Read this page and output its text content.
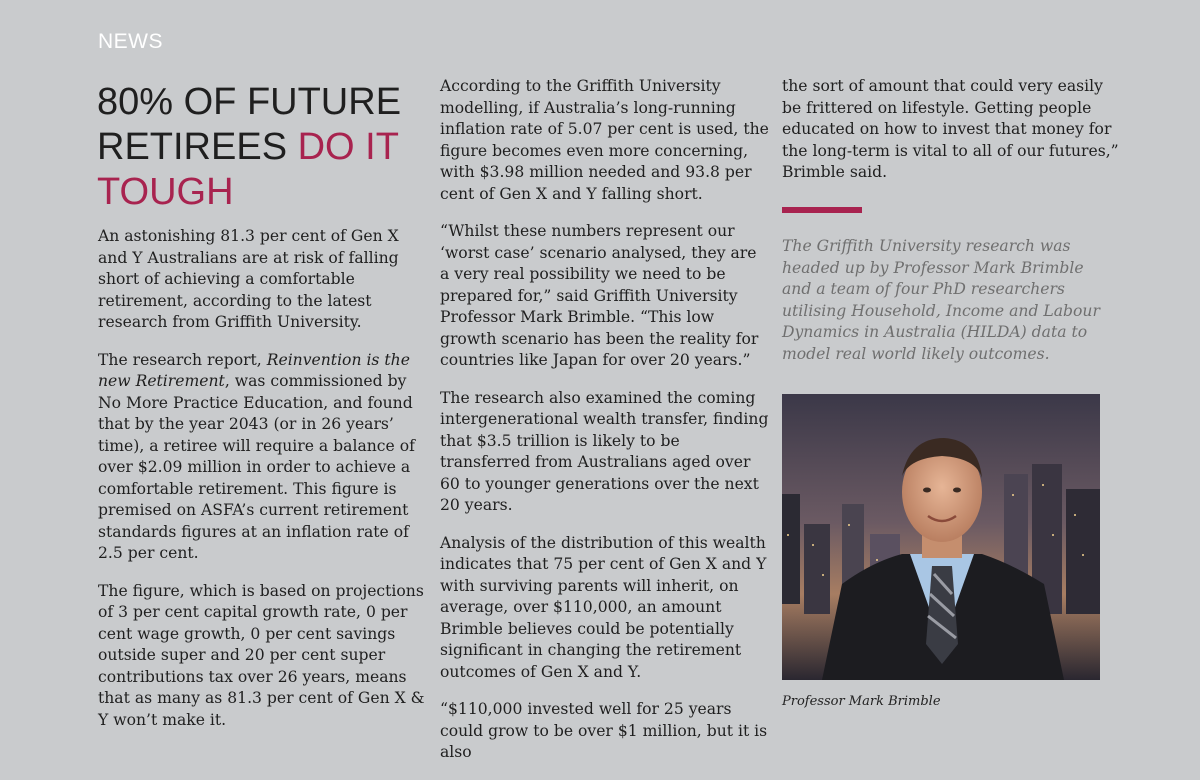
NEWS
80% OF FUTURE
RETIREES DO IT
TOUGH

An astonishing 81.3 per cent of Gen X and Y Australians are at risk of falling short of achieving a comfortable retirement, according to the latest research from Griffith University.

The research report, Reinvention is the new Retirement, was commissioned by No More Practice Education, and found that by the year 2043 (or in 26 years’ time), a retiree will require a balance of over $2.09 million in order to achieve a comfortable retirement. This figure is premised on ASFA’s current retirement standards figures at an inflation rate of 2.5 per cent.

The figure, which is based on projections of 3 per cent capital growth rate, 0 per cent wage growth, 0 per cent savings outside super and 20 per cent super contributions tax over 26 years, means that as many as 81.3 per cent of Gen X & Y won’t make it.

According to the Griffith University modelling, if Australia’s long-running inflation rate of 5.07 per cent is used, the figure becomes even more concerning, with $3.98 million needed and 93.8 per cent of Gen X and Y falling short.

“Whilst these numbers represent our ‘worst case’ scenario analysed, they are a very real possibility we need to be prepared for,” said Griffith University Professor Mark Brimble. “This low growth scenario has been the reality for countries like Japan for over 20 years.”

The research also examined the coming intergenerational wealth transfer, finding that $3.5 trillion is likely to be transferred from Australians aged over 60 to younger generations over the next 20 years.

Analysis of the distribution of this wealth indicates that 75 per cent of Gen X and Y with surviving parents will inherit, on average, over $110,000, an amount Brimble believes could be potentially significant in changing the retirement outcomes of Gen X and Y.

“$110,000 invested well for 25 years could grow to be over $1 million, but it is also

the sort of amount that could very easily be frittered on lifestyle. Getting people educated on how to invest that money for the long-term is vital to all of our futures,” Brimble said.

The Griffith University research was headed up by Professor Mark Brimble and a team of four PhD researchers utilising Household, Income and Labour Dynamics in Australia (HILDA) data to model real world likely outcomes.

Professor Mark Brimble
